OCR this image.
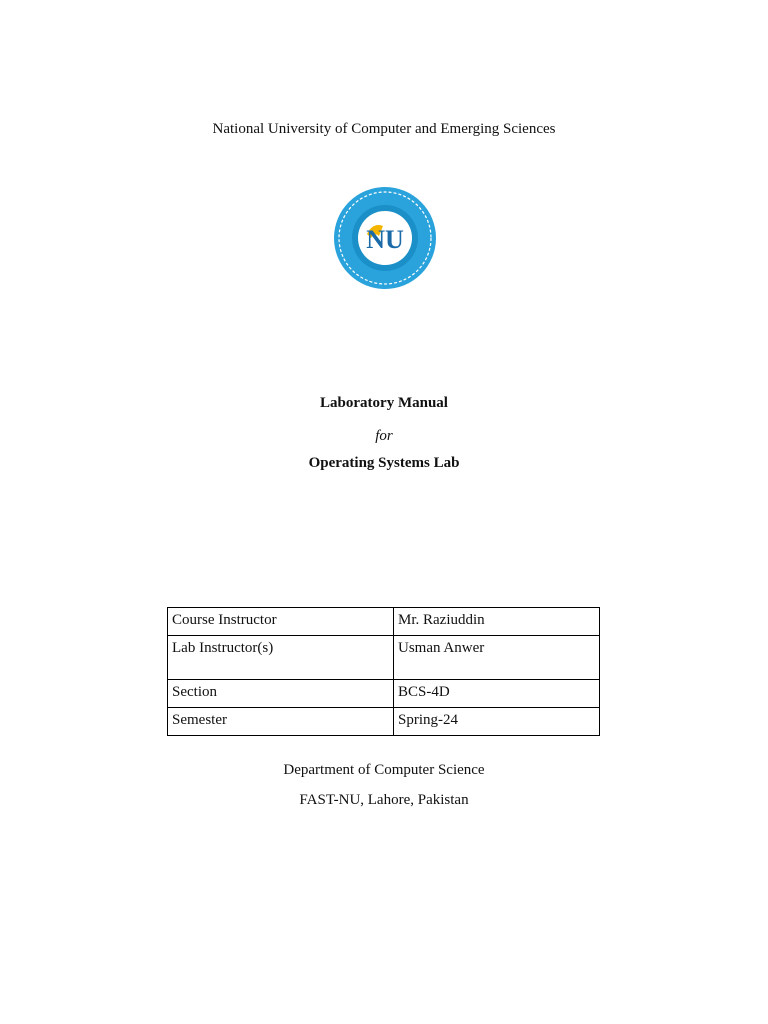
National University of Computer and Emerging Sciences
NU
Laboratory Manual
for
Operating Systems Lab
Course Instructor	Mr. Raziuddin
Lab Instructor(s)	Usman Anwer
Section	BCS-4D
Semester	Spring-24
Department of Computer Science
FAST-NU, Lahore, Pakistan
